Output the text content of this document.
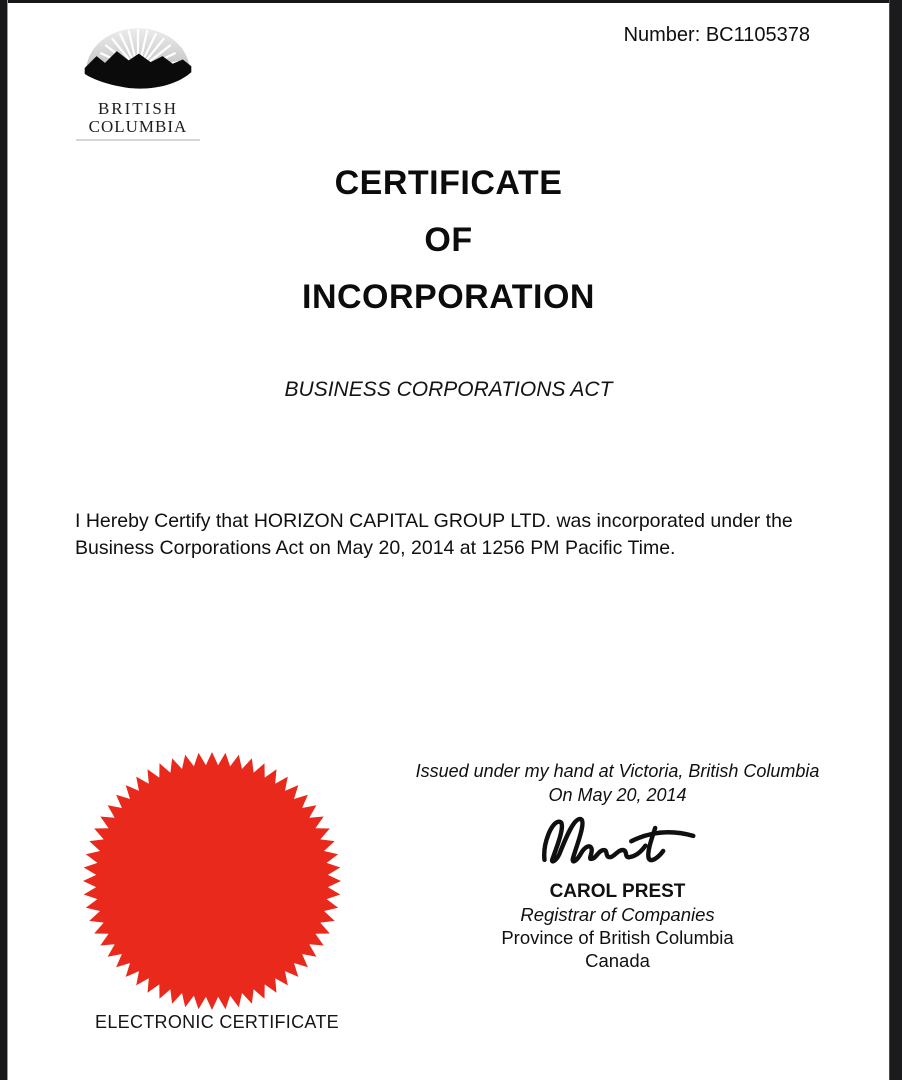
BRITISH
COLUMBIA
Number: BC1105378
CERTIFICATE
OF
INCORPORATION
BUSINESS CORPORATIONS ACT

I Hereby Certify that HORIZON CAPITAL GROUP LTD. was incorporated under the Business Corporations Act on May 20, 2014 at 1256 PM Pacific Time.

ELECTRONIC CERTIFICATE
Issued under my hand at Victoria, British Columbia
On May 20, 2014
CAROL PREST
Registrar of Companies
Province of British Columbia
Canada
